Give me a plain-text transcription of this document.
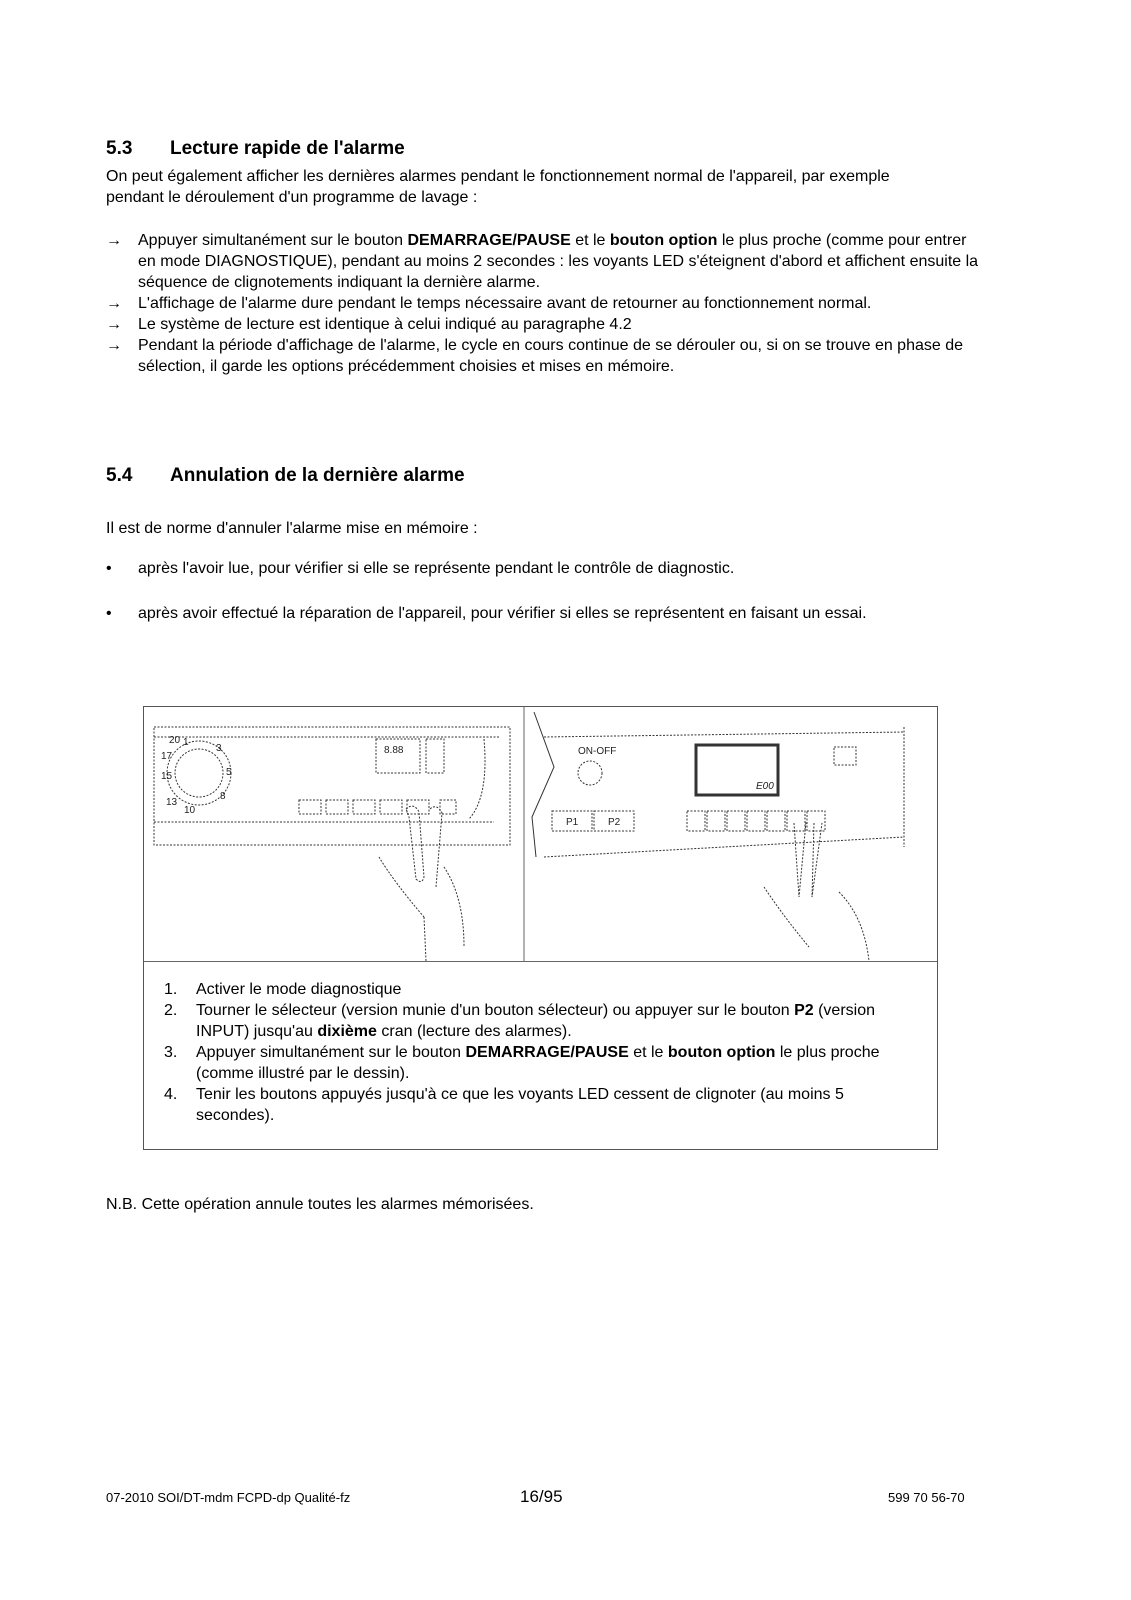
5.3 Lecture rapide de l'alarme
On peut également afficher les dernières alarmes pendant le fonctionnement normal de l'appareil, par exemple pendant le déroulement d'un programme de lavage :
→	Appuyer simultanément sur le bouton DEMARRAGE/PAUSE et le bouton option le plus proche (comme pour entrer en mode DIAGNOSTIQUE), pendant au moins 2 secondes : les voyants LED s'éteignent d'abord et affichent ensuite la séquence de clignotements indiquant la dernière alarme.
→	L'affichage de l'alarme dure pendant le temps nécessaire avant de retourner au fonctionnement normal.
→	Le système de lecture est identique à celui indiqué au paragraphe 4.2
→	Pendant la période d'affichage de l'alarme, le cycle en cours continue de se dérouler ou, si on se trouve en phase de sélection, il garde les options précédemment choisies et mises en mémoire.
5.4 Annulation de la dernière alarme
Il est de norme d'annuler l'alarme mise en mémoire :
•	après l'avoir lue, pour vérifier si elle se représente pendant le contrôle de diagnostic.
•	après avoir effectué la réparation de l'appareil, pour vérifier si elles se représentent en faisant un essai.
20 1
3
5
8
10
13
15
17
8.88	ON-OFF
E00
P1	P2
1. Activer le mode diagnostique
2. Tourner le sélecteur (version munie d'un bouton sélecteur) ou appuyer sur le bouton P2 (version INPUT) jusqu'au dixième cran (lecture des alarmes).
3. Appuyer simultanément sur le bouton DEMARRAGE/PAUSE et le bouton option le plus proche (comme illustré par le dessin).
4. Tenir les boutons appuyés jusqu'à ce que les voyants LED cessent de clignoter (au moins 5 secondes).
N.B. Cette opération annule toutes les alarmes mémorisées.
07-2010 SOI/DT-mdm FCPD-dp Qualité-fz	16/95	599 70 56-70
